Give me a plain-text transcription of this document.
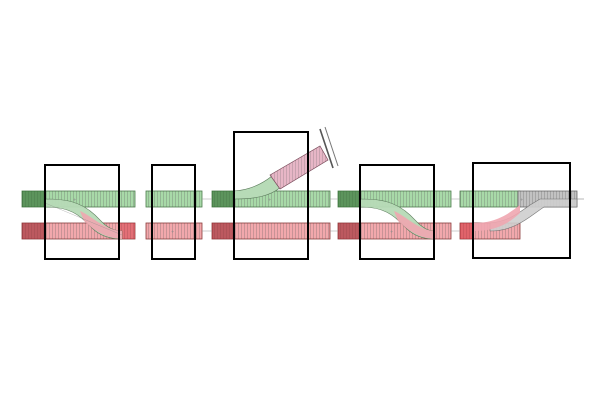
+
+
+
+
+
